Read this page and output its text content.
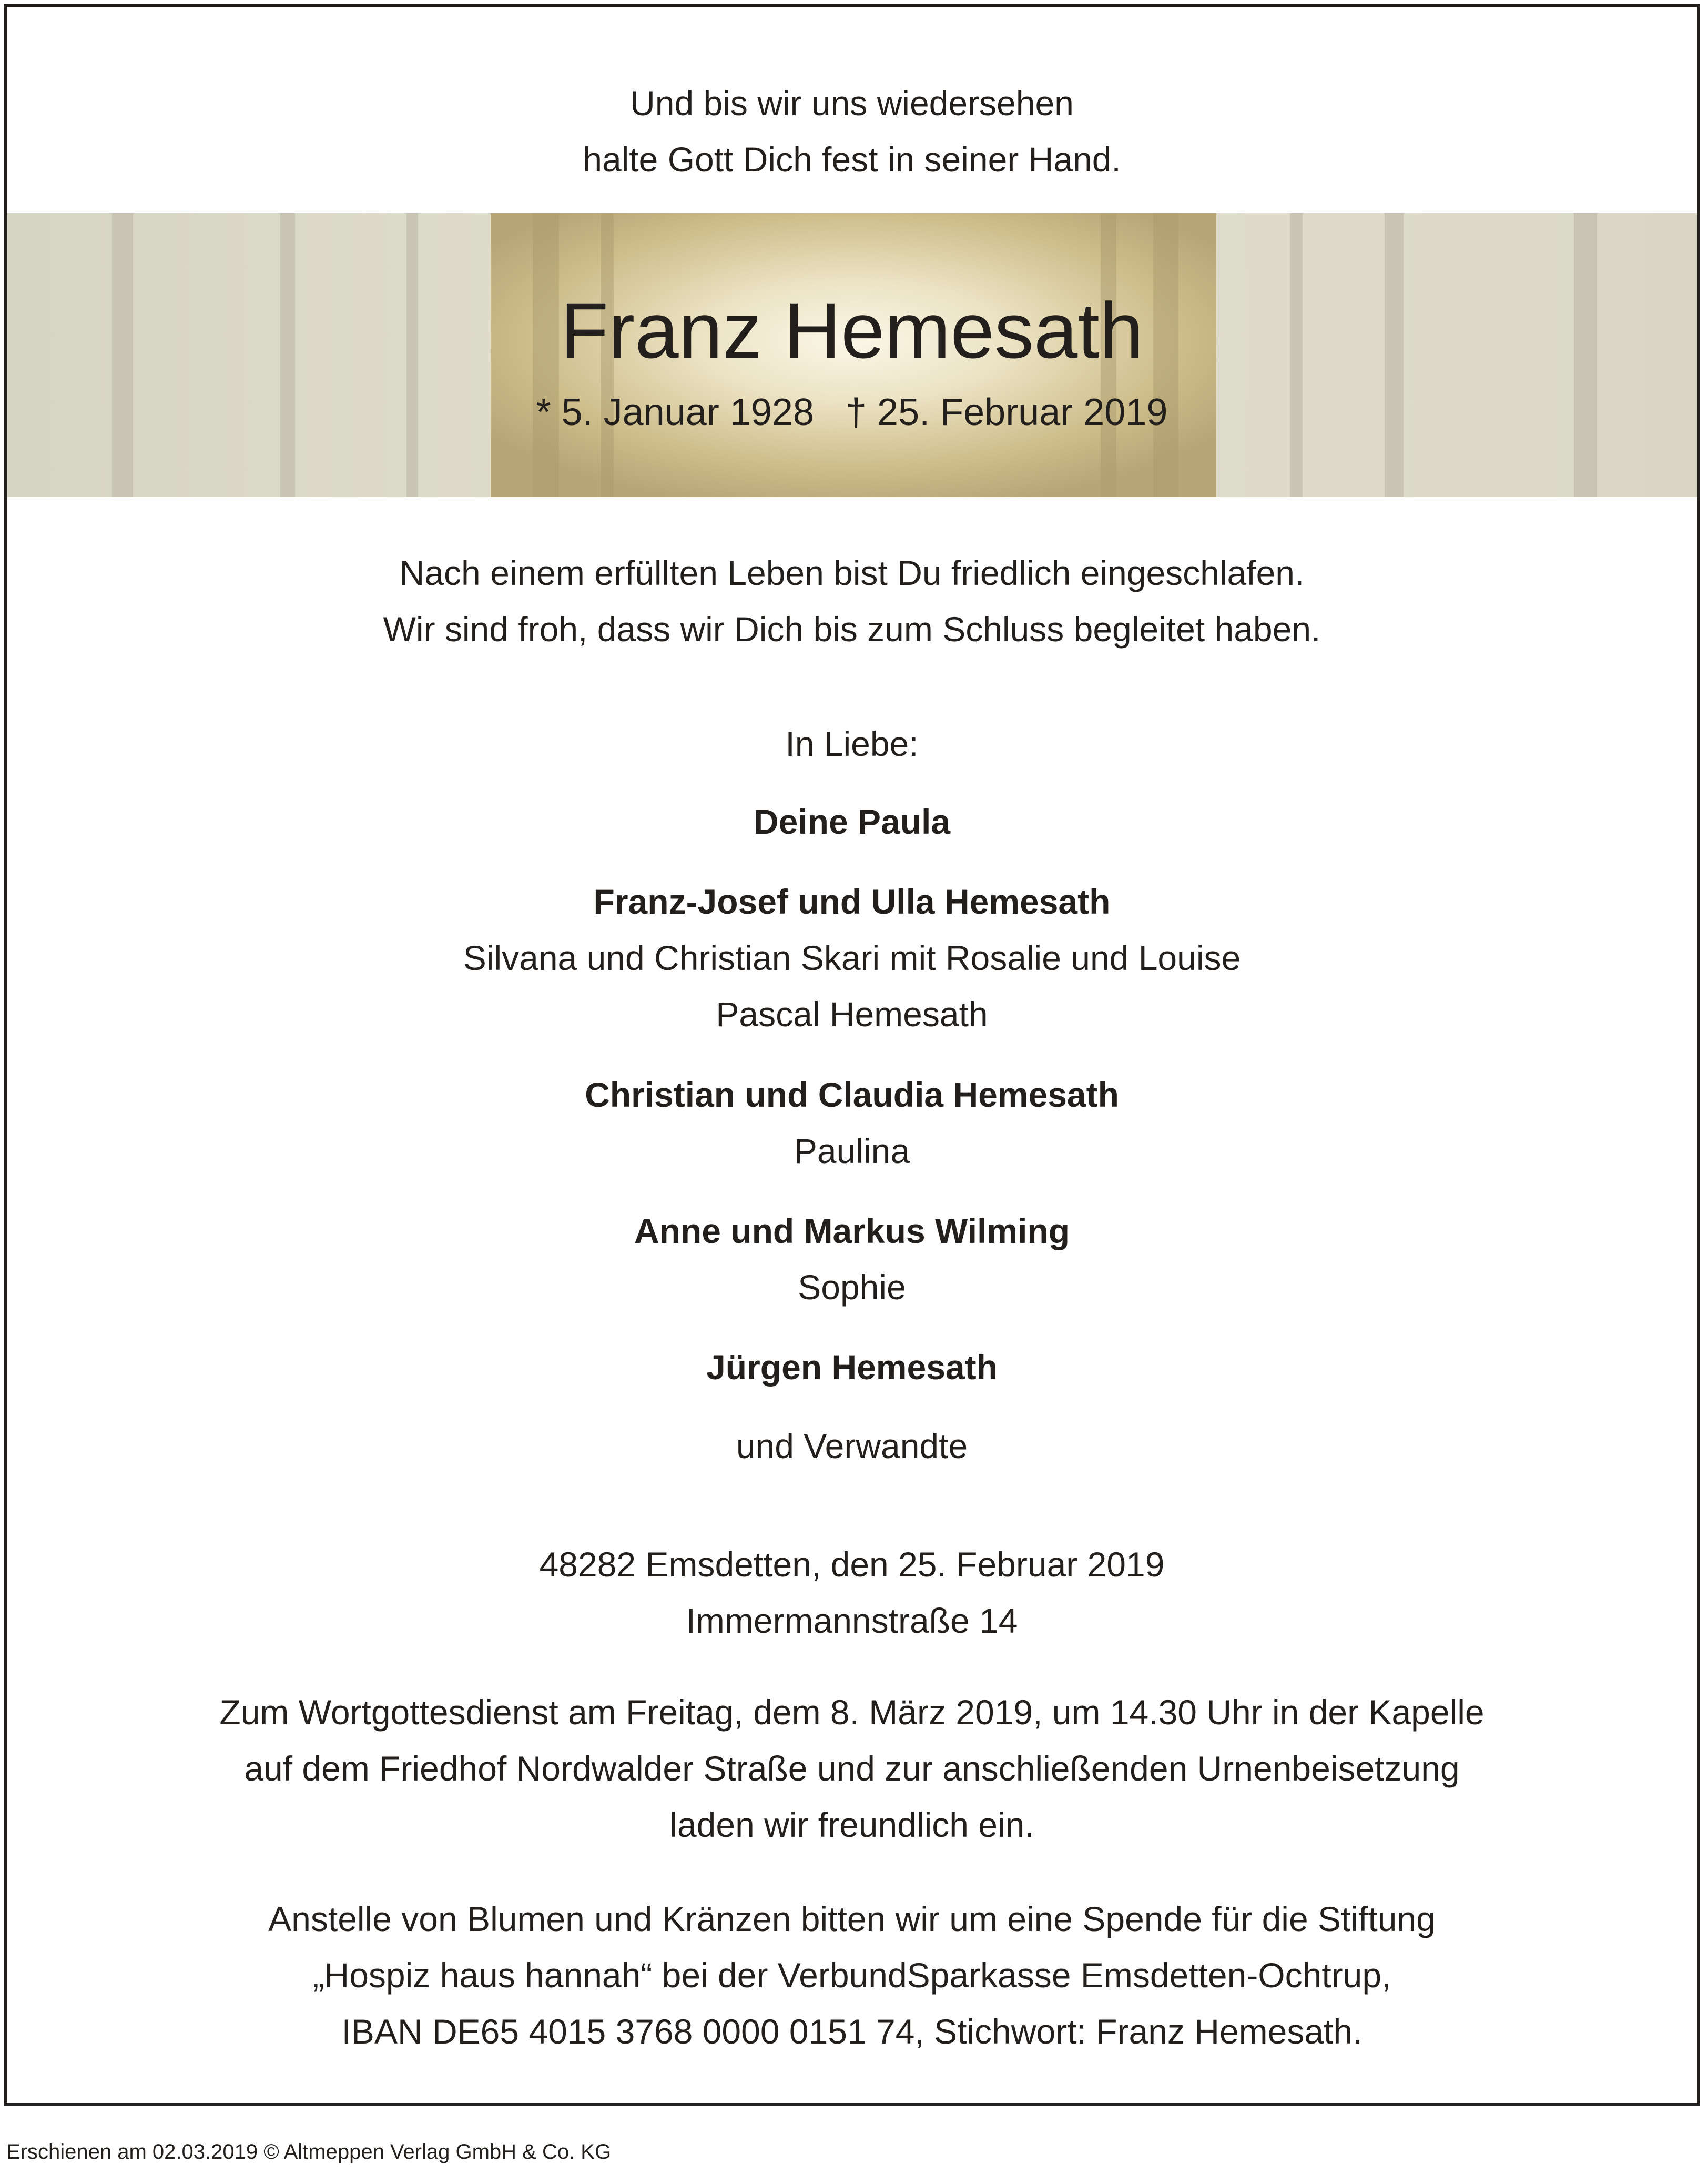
Und bis wir uns wiedersehen
halte Gott Dich fest in seiner Hand.
Franz Hemesath
* 5. Januar 1928   † 25. Februar 2019
Nach einem erfüllten Leben bist Du friedlich eingeschlafen.
Wir sind froh, dass wir Dich bis zum Schluss begleitet haben.
In Liebe:
Deine Paula
Franz-Josef und Ulla Hemesath
Silvana und Christian Skari mit Rosalie und Louise
Pascal Hemesath
Christian und Claudia Hemesath
Paulina
Anne und Markus Wilming
Sophie
Jürgen Hemesath
und Verwandte
48282 Emsdetten, den 25. Februar 2019
Immermannstraße 14
Zum Wortgottesdienst am Freitag, dem 8. März 2019, um 14.30 Uhr in der Kapelle
auf dem Friedhof Nordwalder Straße und zur anschließenden Urnenbeisetzung
laden wir freundlich ein.
Anstelle von Blumen und Kränzen bitten wir um eine Spende für die Stiftung
„Hospiz haus hannah“ bei der VerbundSparkasse Emsdetten-Ochtrup,
IBAN DE65 4015 3768 0000 0151 74, Stichwort: Franz Hemesath.
Erschienen am 02.03.2019 © Altmeppen Verlag GmbH & Co. KG
